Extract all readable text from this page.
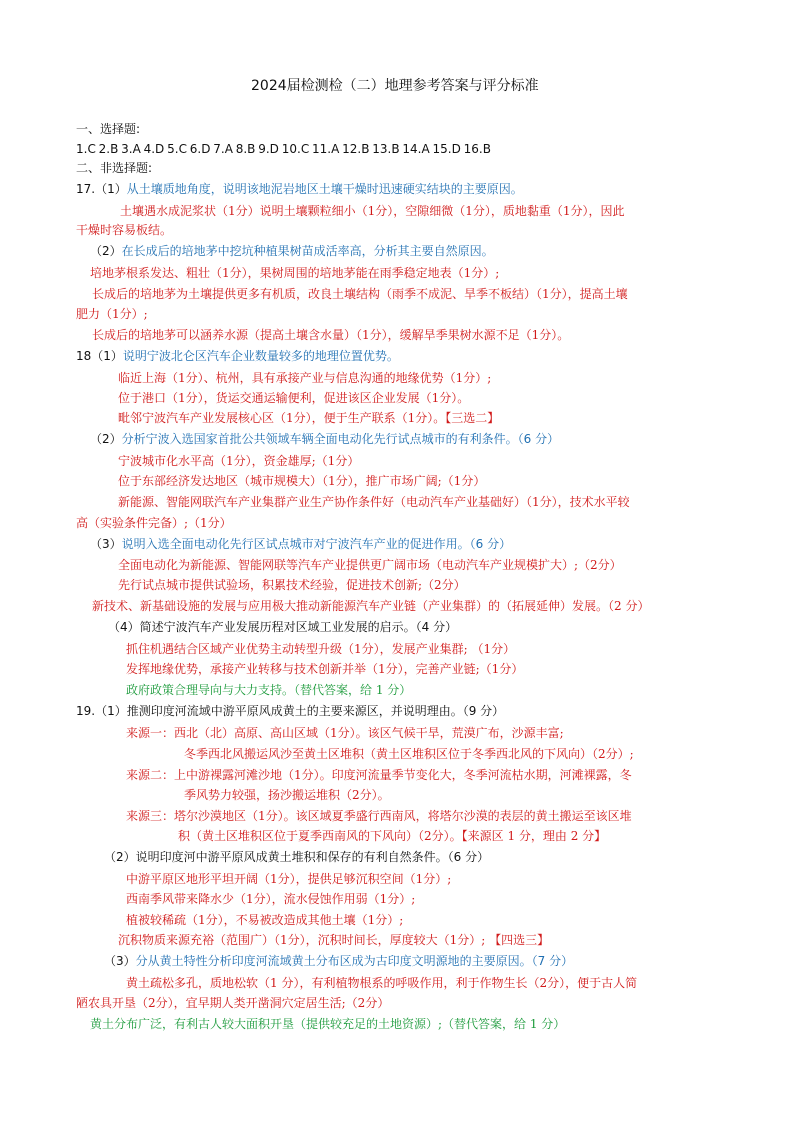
2024届检测检（二）地理参考答案与评分标准
一、选择题:
1.C 2.B 3.A 4.D 5.C 6.D 7.A 8.B 9.D 10.C 11.A 12.B 13.B 14.A 15.D 16.B
二、非选择题:
17.（1）从土壤质地角度，说明该地泥岩地区土壤干燥时迅速硬实结块的主要原因。
土壤遇水成泥浆状（1分）说明土壤颗粒细小（1分），空隙细微（1分），质地黏重（1分），因此
干燥时容易板结。
（2）在长成后的培地茅中挖坑种植果树苗成活率高，分析其主要自然原因。
培地茅根系发达、粗壮（1分），果树周围的培地茅能在雨季稳定地表（1分）;
长成后的培地茅为土壤提供更多有机质，改良土壤结构（雨季不成泥、旱季不板结）（1分），提高土壤
肥力（1分）;
长成后的培地茅可以涵养水源（提高土壤含水量）（1分），缓解旱季果树水源不足（1分）。
18（1）说明宁波北仑区汽车企业数量较多的地理位置优势。
临近上海（1分）、杭州，具有承接产业与信息沟通的地缘优势（1分）;
位于港口（1分），货运交通运输便利，促进该区企业发展（1分）。
毗邻宁波汽车产业发展核心区（1分），便于生产联系（1分）。【三选二】
（2）分析宁波入选国家首批公共领域车辆全面电动化先行试点城市的有利条件。（6 分）
宁波城市化水平高（1分），资金雄厚;（1分）
位于东部经济发达地区（城市规模大）（1分），推广市场广阔;（1分）
新能源、智能网联汽车产业集群产业生产协作条件好（电动汽车产业基础好）（1分），技术水平较
高（实验条件完备）;（1分）
（3）说明入选全面电动化先行区试点城市对宁波汽车产业的促进作用。（6 分）
全面电动化为新能源、智能网联等汽车产业提供更广阔市场（电动汽车产业规模扩大）;（2分）
先行试点城市提供试验场，积累技术经验，促进技术创新;（2分）
新技术、新基础设施的发展与应用极大推动新能源汽车产业链（产业集群）的（拓展延伸）发展。（2 分）
（4）简述宁波汽车产业发展历程对区域工业发展的启示。（4 分）
抓住机遇结合区域产业优势主动转型升级（1分），发展产业集群; （1分）
发挥地缘优势，承接产业转移与技术创新并举（1分），完善产业链;（1分）
政府政策合理导向与大力支持。（替代答案，给 1 分）
19.（1）推测印度河流域中游平原风成黄土的主要来源区，并说明理由。（9 分）
来源一：西北（北）高原、高山区域（1分）。该区气候干旱，荒漠广布，沙源丰富;
冬季西北风搬运风沙至黄土区堆积（黄土区堆积区位于冬季西北风的下风向）（2分）;
来源二：上中游裸露河滩沙地（1分）。印度河流量季节变化大，冬季河流枯水期，河滩裸露，冬
季风势力较强，扬沙搬运堆积（2分）。
来源三：塔尔沙漠地区（1分）。该区域夏季盛行西南风，将塔尔沙漠的表层的黄土搬运至该区堆
积（黄土区堆积区位于夏季西南风的下风向）（2分）。【来源区 1 分，理由 2 分】
（2）说明印度河中游平原风成黄土堆积和保存的有利自然条件。（6 分）
中游平原区地形平坦开阔（1分），提供足够沉积空间（1分）;
西南季风带来降水少（1分），流水侵蚀作用弱（1分）;
植被较稀疏（1分），不易被改造成其他土壤（1分）;
沉积物质来源充裕（范围广）（1分），沉积时间长，厚度较大（1分）; 【四选三】
（3）分从黄土特性分析印度河流域黄土分布区成为古印度文明源地的主要原因。（7 分）
黄土疏松多孔，质地松软（1 分），有利植物根系的呼吸作用，利于作物生长（2分），便于古人简
陋农具开垦（2分），宜早期人类开凿洞穴定居生活;（2分）
黄土分布广泛，有利古人较大面积开垦（提供较充足的土地资源）;（替代答案，给 1 分）
